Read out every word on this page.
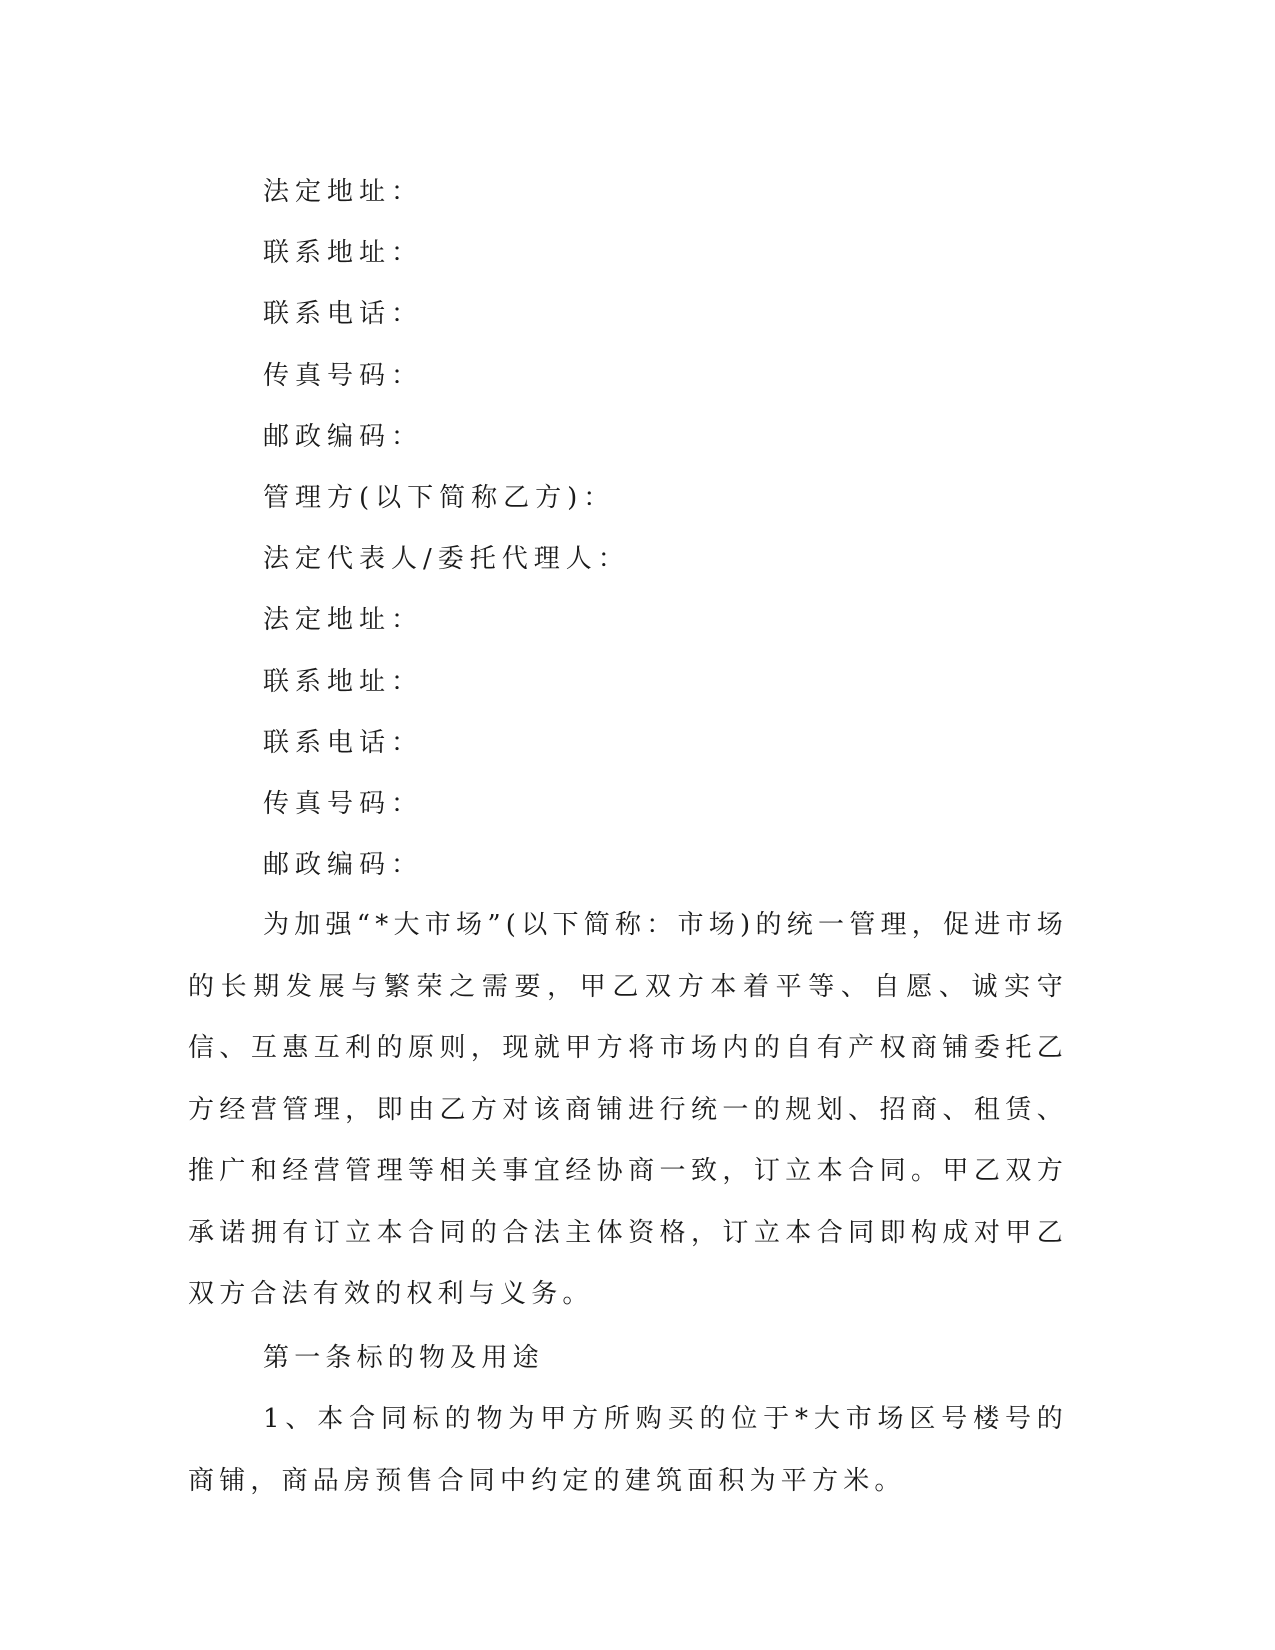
法定地址：
联系地址：
联系电话：
传真号码：
邮政编码：
管理方(以下简称乙方)：
法定代表人/委托代理人：
法定地址：
联系地址：
联系电话：
传真号码：
邮政编码：

为加强“*大市场”(以下简称：市场)的统一管理，促进市场的长期发展与繁荣之需要，甲乙双方本着平等、自愿、诚实守信、互惠互利的原则，现就甲方将市场内的自有产权商铺委托乙方经营管理，即由乙方对该商铺进行统一的规划、招商、租赁、推广和经营管理等相关事宜经协商一致，订立本合同。甲乙双方承诺拥有订立本合同的合法主体资格，订立本合同即构成对甲乙双方合法有效的权利与义务。

第一条标的物及用途

1、本合同标的物为甲方所购买的位于*大市场区号楼号的商铺，商品房预售合同中约定的建筑面积为平方米。
